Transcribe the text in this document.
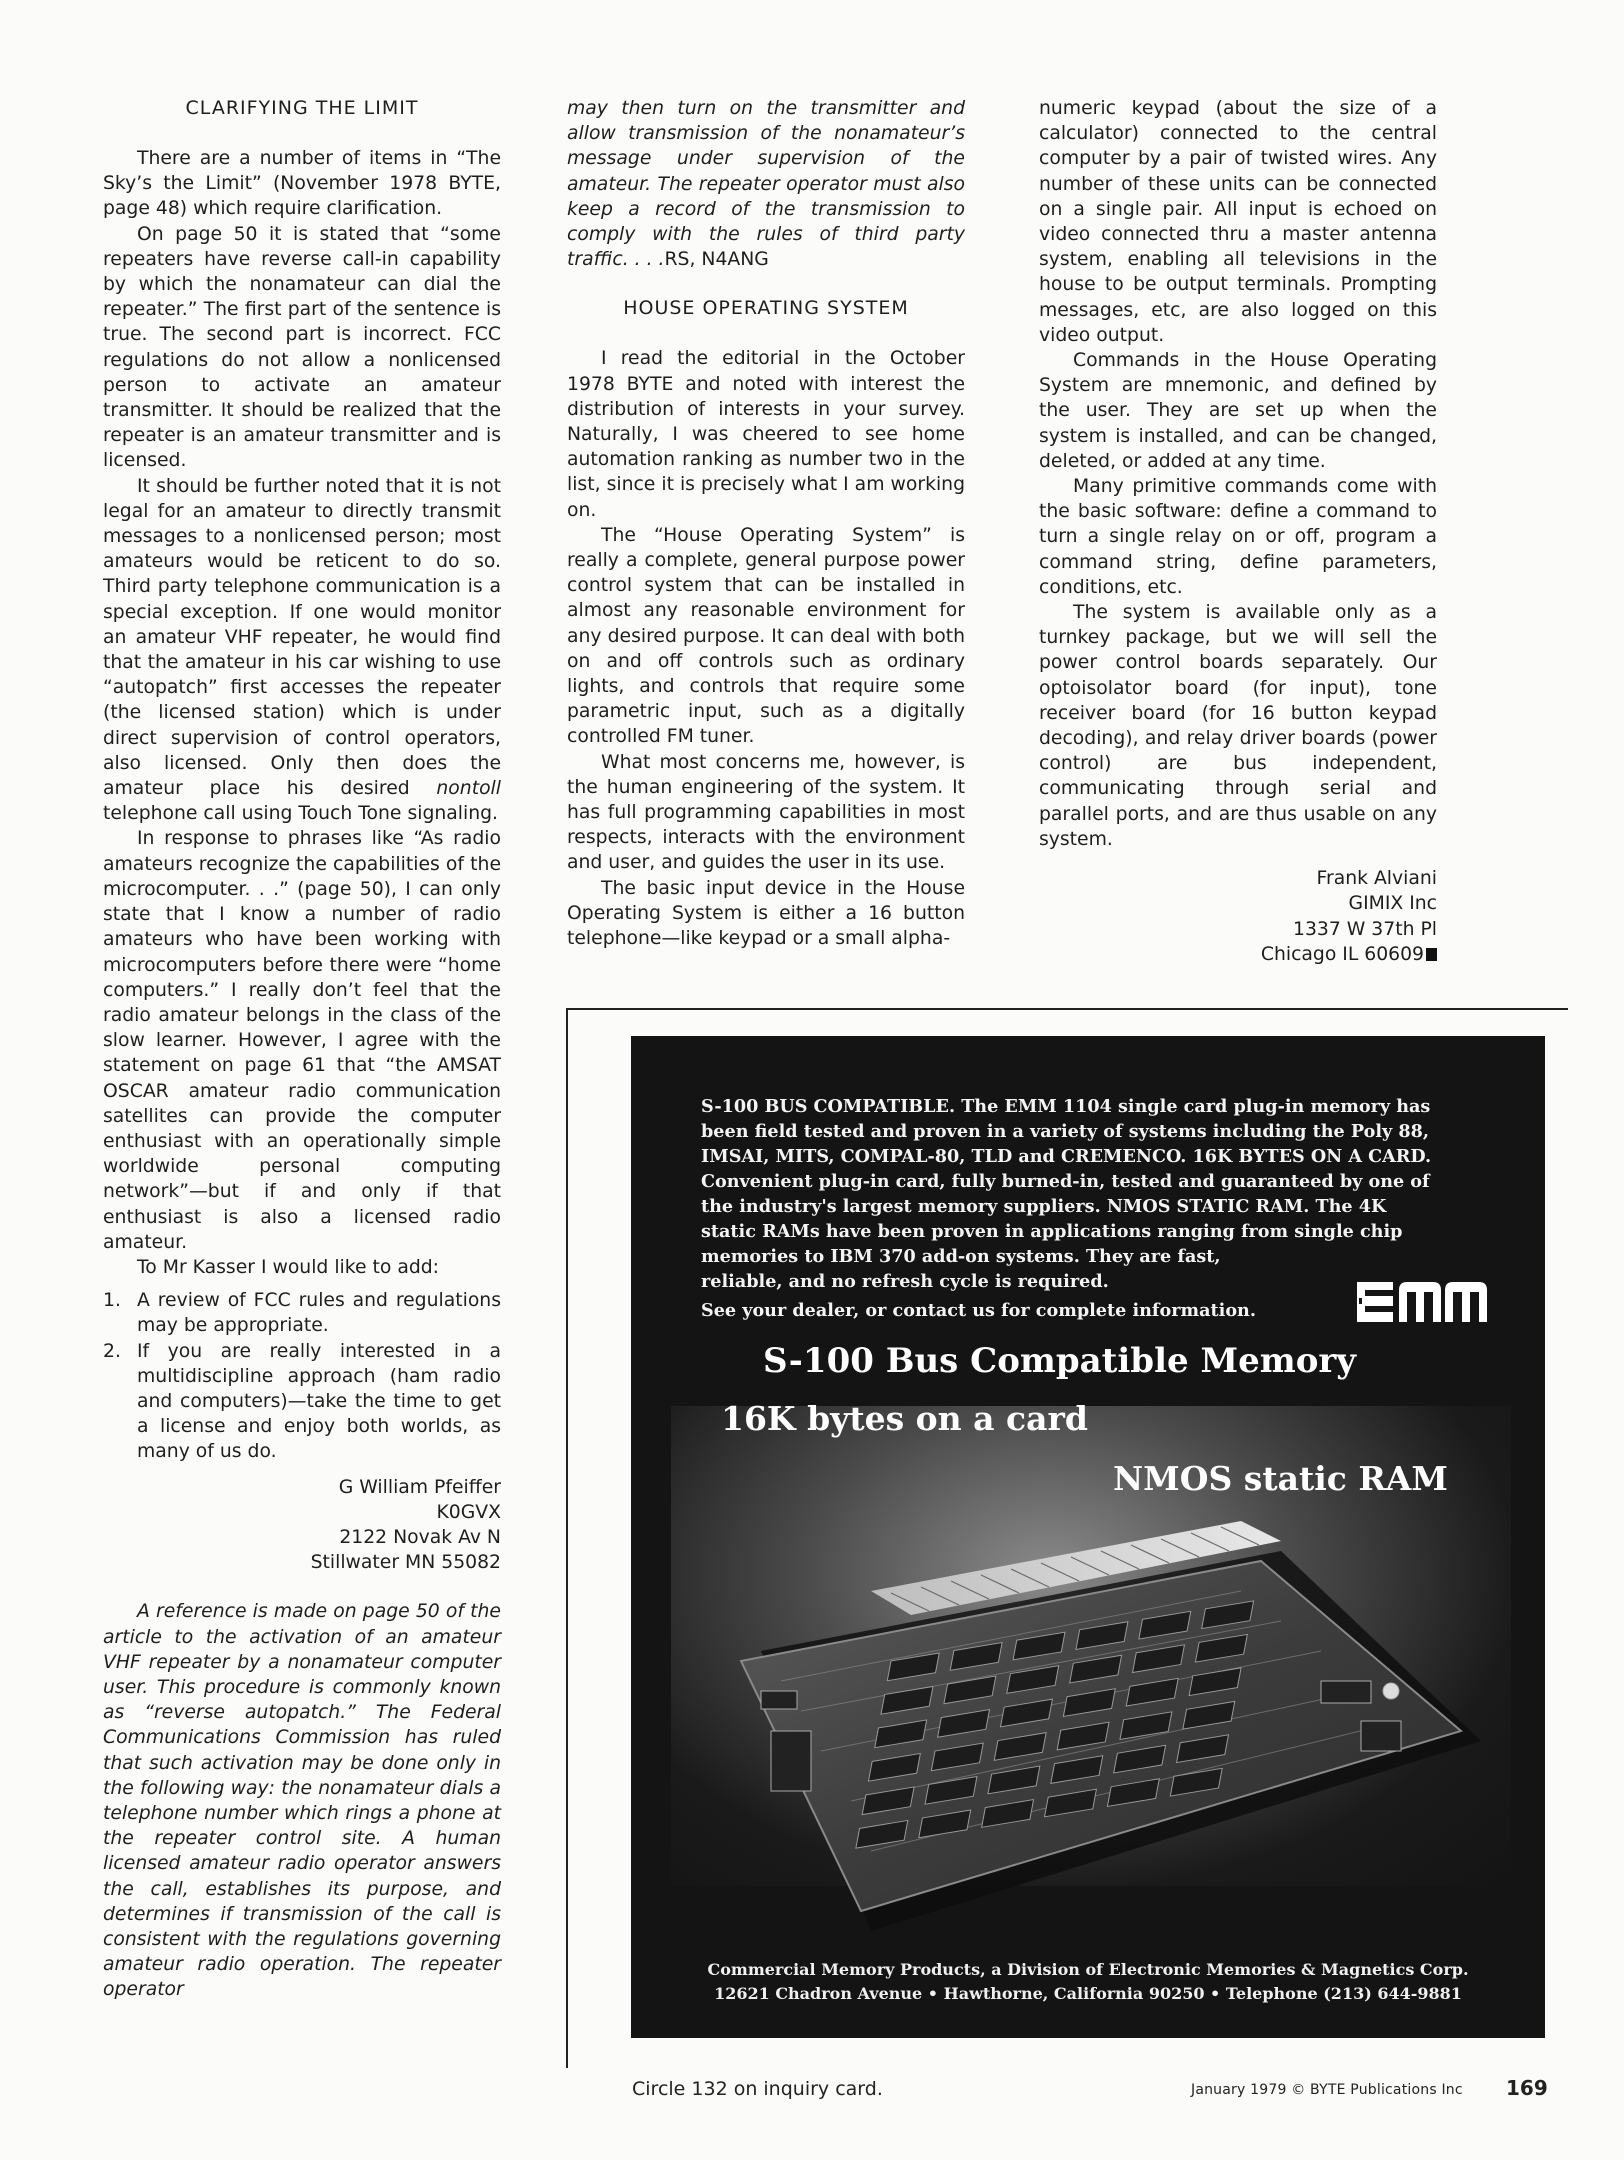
CLARIFYING THE LIMIT

There are a number of items in “The Sky’s the Limit” (November 1978 BYTE, page 48) which require clarification.

On page 50 it is stated that “some repeaters have reverse call-in capability by which the nonamateur can dial the repeater.” The first part of the sentence is true. The second part is incorrect. FCC regulations do not allow a nonlicensed person to activate an amateur transmitter. It should be realized that the repeater is an amateur transmitter and is licensed.

It should be further noted that it is not legal for an amateur to directly transmit messages to a nonlicensed person; most amateurs would be reticent to do so. Third party telephone communication is a special exception. If one would monitor an amateur VHF repeater, he would find that the amateur in his car wishing to use “autopatch” first accesses the repeater (the licensed station) which is under direct supervision of control operators, also licensed. Only then does the amateur place his desired nontoll telephone call using Touch Tone signaling.

In response to phrases like “As radio amateurs recognize the capabilities of the microcomputer. . .” (page 50), I can only state that I know a number of radio amateurs who have been working with microcomputers before there were “home computers.” I really don’t feel that the radio amateur belongs in the class of the slow learner. However, I agree with the statement on page 61 that “the AMSAT OSCAR amateur radio communication satellites can provide the computer enthusiast with an operationally simple worldwide personal computing network”—but if and only if that enthusiast is also a licensed radio amateur.

To Mr Kasser I would like to add:

1. A review of FCC rules and regulations may be appropriate.
2. If you are really interested in a multidiscipline approach (ham radio and computers)—take the time to get a license and enjoy both worlds, as many of us do.
G William Pfeiffer
K0GVX
2122 Novak Av N
Stillwater MN 55082

A reference is made on page 50 of the article to the activation of an amateur VHF repeater by a nonamateur computer user. This procedure is commonly known as “reverse autopatch.” The Federal Communications Commission has ruled that such activation may be done only in the following way: the nonamateur dials a telephone number which rings a phone at the repeater control site. A human licensed amateur radio operator answers the call, establishes its purpose, and determines if transmission of the call is consistent with the regulations governing amateur radio operation. The repeater operator

may then turn on the transmitter and allow transmission of the nonamateur’s message under supervision of the amateur. The repeater operator must also keep a record of the transmission to comply with the rules of third party traffic. . . .RS, N4ANG

HOUSE OPERATING SYSTEM

I read the editorial in the October 1978 BYTE and noted with interest the distribution of interests in your survey. Naturally, I was cheered to see home automation ranking as number two in the list, since it is precisely what I am working on.

The “House Operating System” is really a complete, general purpose power control system that can be installed in almost any reasonable environment for any desired purpose. It can deal with both on and off controls such as ordinary lights, and controls that require some parametric input, such as a digitally controlled FM tuner.

What most concerns me, however, is the human engineering of the system. It has full programming capabilities in most respects, interacts with the environment and user, and guides the user in its use.

The basic input device in the House Operating System is either a 16 button telephone—like keypad or a small alpha-

numeric keypad (about the size of a calculator) connected to the central computer by a pair of twisted wires. Any number of these units can be connected on a single pair. All input is echoed on video connected thru a master antenna system, enabling all televisions in the house to be output terminals. Prompting messages, etc, are also logged on this video output.

Commands in the House Operating System are mnemonic, and defined by the user. They are set up when the system is installed, and can be changed, deleted, or added at any time.

Many primitive commands come with the basic software: define a command to turn a single relay on or off, program a command string, define parameters, conditions, etc.

The system is available only as a turnkey package, but we will sell the power control boards separately. Our optoisolator board (for input), tone receiver board (for 16 button keypad decoding), and relay driver boards (power control) are bus independent, communicating through serial and parallel ports, and are thus usable on any system.

Frank Alviani
GIMIX Inc
1337 W 37th Pl
Chicago IL 60609
S-100 BUS COMPATIBLE. The EMM 1104 single card plug-in memory has
been field tested and proven in a variety of systems including the Poly 88,
IMSAI, MITS, COMPAL-80, TLD and CREMENCO. 16K BYTES ON A CARD.
Convenient plug-in card, fully burned-in, tested and guaranteed by one of
the industry's largest memory suppliers. NMOS STATIC RAM. The 4K
static RAMs have been proven in applications ranging from single chip
memories to IBM 370 add-on systems. They are fast,
reliable, and no refresh cycle is required.
See your dealer, or contact us for complete information.
S-100 Bus Compatible Memory
16K bytes on a card
NMOS static RAM
Commercial Memory Products, a Division of Electronic Memories & Magnetics Corp.
12621 Chadron Avenue • Hawthorne, California 90250 • Telephone (213) 644-9881
Circle 132 on inquiry card.	January 1979 © BYTE Publications Inc 169
